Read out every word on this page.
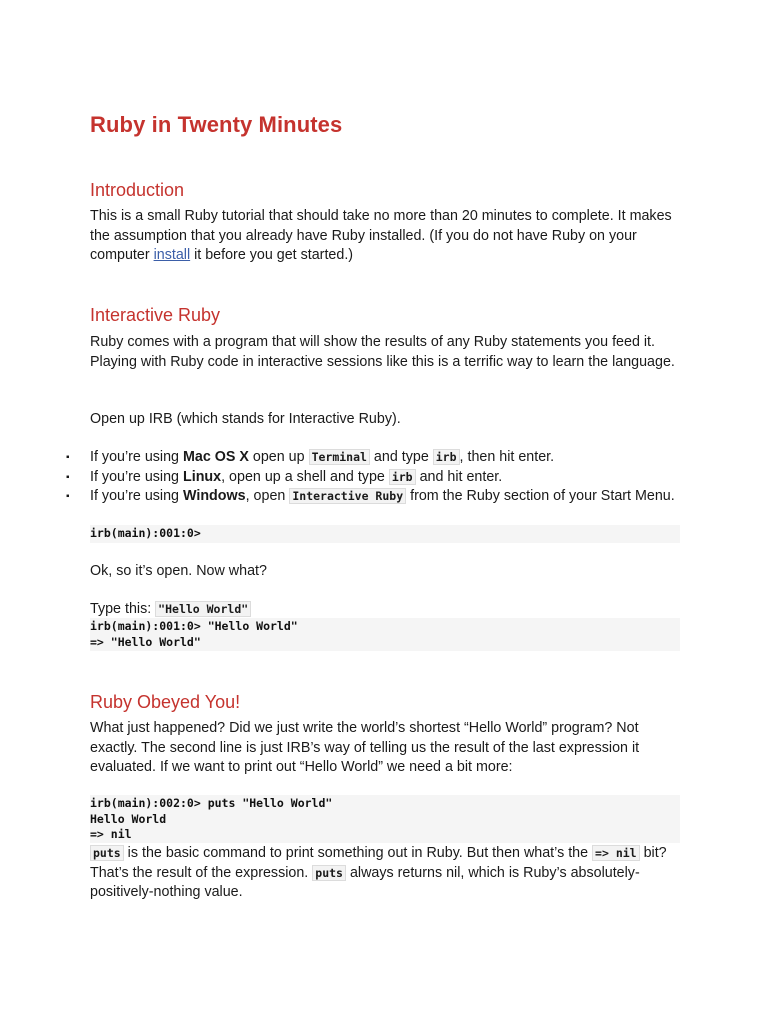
Ruby in Twenty Minutes
Introduction

This is a small Ruby tutorial that should take no more than 20 minutes to complete. It makes the assumption that you already have Ruby installed. (If you do not have Ruby on your computer install it before you get started.)

Interactive Ruby

Ruby comes with a program that will show the results of any Ruby statements you feed it. Playing with Ruby code in interactive sessions like this is a terrific way to learn the language.

Open up IRB (which stands for Interactive Ruby).

▪ If you’re using Mac OS X open up Terminal and type irb , then hit enter.
▪ If you’re using Linux, open up a shell and type irb and hit enter.
▪ If you’re using Windows, open Interactive Ruby from the Ruby section of your Start Menu.
irb(main):001:0>

Ok, so it’s open. Now what?

Type this: "Hello World"

irb(main):001:0> "Hello World"
=> "Hello World"
Ruby Obeyed You!

What just happened? Did we just write the world’s shortest “Hello World” program? Not exactly. The second line is just IRB’s way of telling us the result of the last expression it evaluated. If we want to print out “Hello World” we need a bit more:

irb(main):002:0> puts "Hello World"
Hello World
=> nil

puts is the basic command to print something out in Ruby. But then what’s the => nil bit? That’s the result of the expression. puts always returns nil, which is Ruby’s absolutely-positively-nothing value.
